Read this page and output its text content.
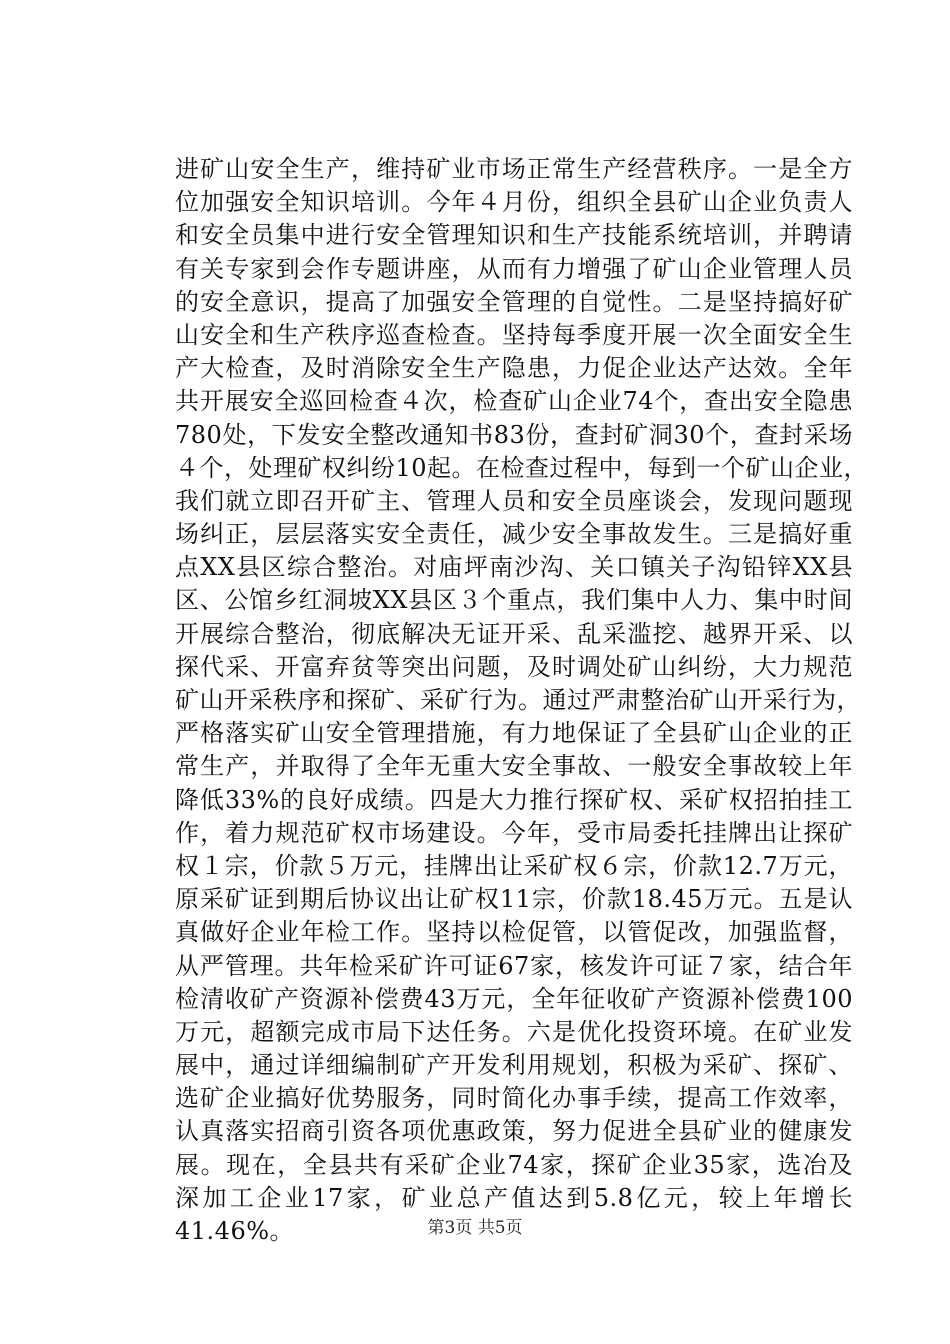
进矿山安全生产，维持矿业市场正常生产经营秩序。一是全方
位加强安全知识培训。今年４月份，组织全县矿山企业负责人
和安全员集中进行安全管理知识和生产技能系统培训，并聘请
有关专家到会作专题讲座，从而有力增强了矿山企业管理人员
的安全意识，提高了加强安全管理的自觉性。二是坚持搞好矿
山安全和生产秩序巡查检查。坚持每季度开展一次全面安全生
产大检查，及时消除安全生产隐患，力促企业达产达效。全年
共开展安全巡回检查４次，检查矿山企业74个，查出安全隐患
780处，下发安全整改通知书83份，查封矿洞30个，查封采场
４个，处理矿权纠纷10起。在检查过程中，每到一个矿山企业，
我们就立即召开矿主、管理人员和安全员座谈会，发现问题现
场纠正，层层落实安全责任，减少安全事故发生。三是搞好重
点XX县区综合整治。对庙坪南沙沟、关口镇关子沟铅锌XX县
区、公馆乡红洞坡XX县区３个重点，我们集中人力、集中时间
开展综合整治，彻底解决无证开采、乱采滥挖、越界开采、以
探代采、开富弃贫等突出问题，及时调处矿山纠纷，大力规范
矿山开采秩序和探矿、采矿行为。通过严肃整治矿山开采行为，
严格落实矿山安全管理措施，有力地保证了全县矿山企业的正
常生产，并取得了全年无重大安全事故、一般安全事故较上年
降低33%的良好成绩。四是大力推行探矿权、采矿权招拍挂工
作，着力规范矿权市场建设。今年，受市局委托挂牌出让探矿
权１宗，价款５万元，挂牌出让采矿权６宗，价款12.7万元，
原采矿证到期后协议出让矿权11宗，价款18.45万元。五是认
真做好企业年检工作。坚持以检促管，以管促改，加强监督，
从严管理。共年检采矿许可证67家，核发许可证７家，结合年
检清收矿产资源补偿费43万元，全年征收矿产资源补偿费100
万元，超额完成市局下达任务。六是优化投资环境。在矿业发
展中，通过详细编制矿产开发利用规划，积极为采矿、探矿、
选矿企业搞好优势服务，同时简化办事手续，提高工作效率，
认真落实招商引资各项优惠政策，努力促进全县矿业的健康发
展。现在，全县共有采矿企业74家，探矿企业35家，选冶及
深加工企业17家，矿业总产值达到5.8亿元，较上年增长
41.46%。	第3页 共5页
